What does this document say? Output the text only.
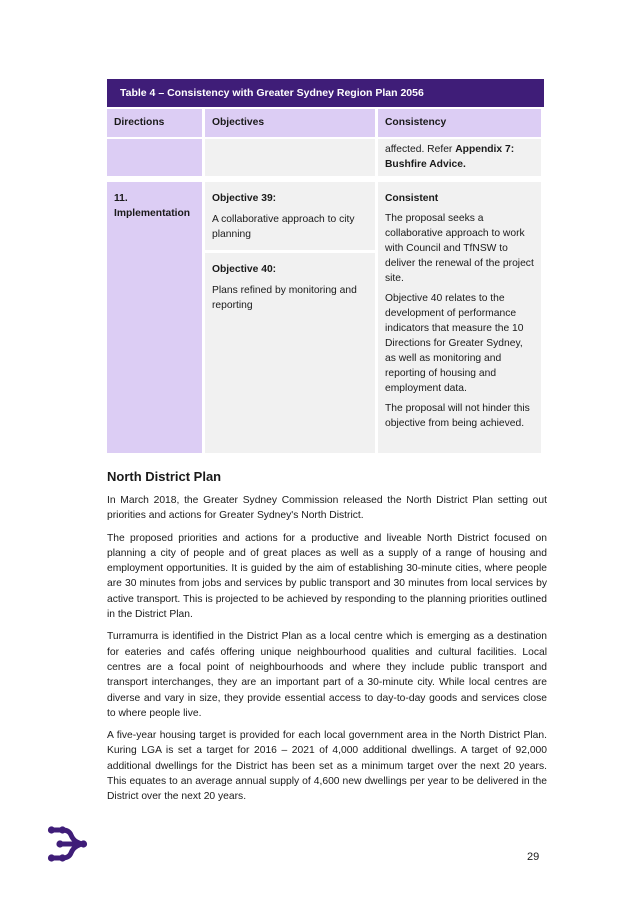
Table 4 – Consistency with Greater Sydney Region Plan 2056
Directions	Objectives	Consistency
affected. Refer Appendix 7: Bushfire Advice.
11. Implementation
Objective 39:
A collaborative approach to city planning
Objective 40:
Plans refined by monitoring and reporting
Consistent
The proposal seeks a collaborative approach to work with Council and TfNSW to deliver the renewal of the project site.
Objective 40 relates to the development of performance indicators that measure the 10 Directions for Greater Sydney, as well as monitoring and reporting of housing and employment data.
The proposal will not hinder this objective from being achieved.
North District Plan

In March 2018, the Greater Sydney Commission released the North District Plan setting out priorities and actions for Greater Sydney's North District.

The proposed priorities and actions for a productive and liveable North District focused on planning a city of people and of great places as well as a supply of a range of housing and employment opportunities. It is guided by the aim of establishing 30-minute cities, where people are 30 minutes from jobs and services by public transport and 30 minutes from local services by active transport. This is projected to be achieved by responding to the planning priorities outlined in the District Plan.

Turramurra is identified in the District Plan as a local centre which is emerging as a destination for eateries and cafés offering unique neighbourhood qualities and cultural facilities. Local centres are a focal point of neighbourhoods and where they include public transport and transport interchanges, they are an important part of a 30-minute city. While local centres are diverse and vary in size, they provide essential access to day-to-day goods and services close to where people live.

A five-year housing target is provided for each local government area in the North District Plan. Kuring LGA is set a target for 2016 – 2021 of 4,000 additional dwellings. A target of 92,000 additional dwellings for the District has been set as a minimum target over the next 20 years. This equates to an average annual supply of 4,600 new dwellings per year to be delivered in the District over the next 20 years.

29
